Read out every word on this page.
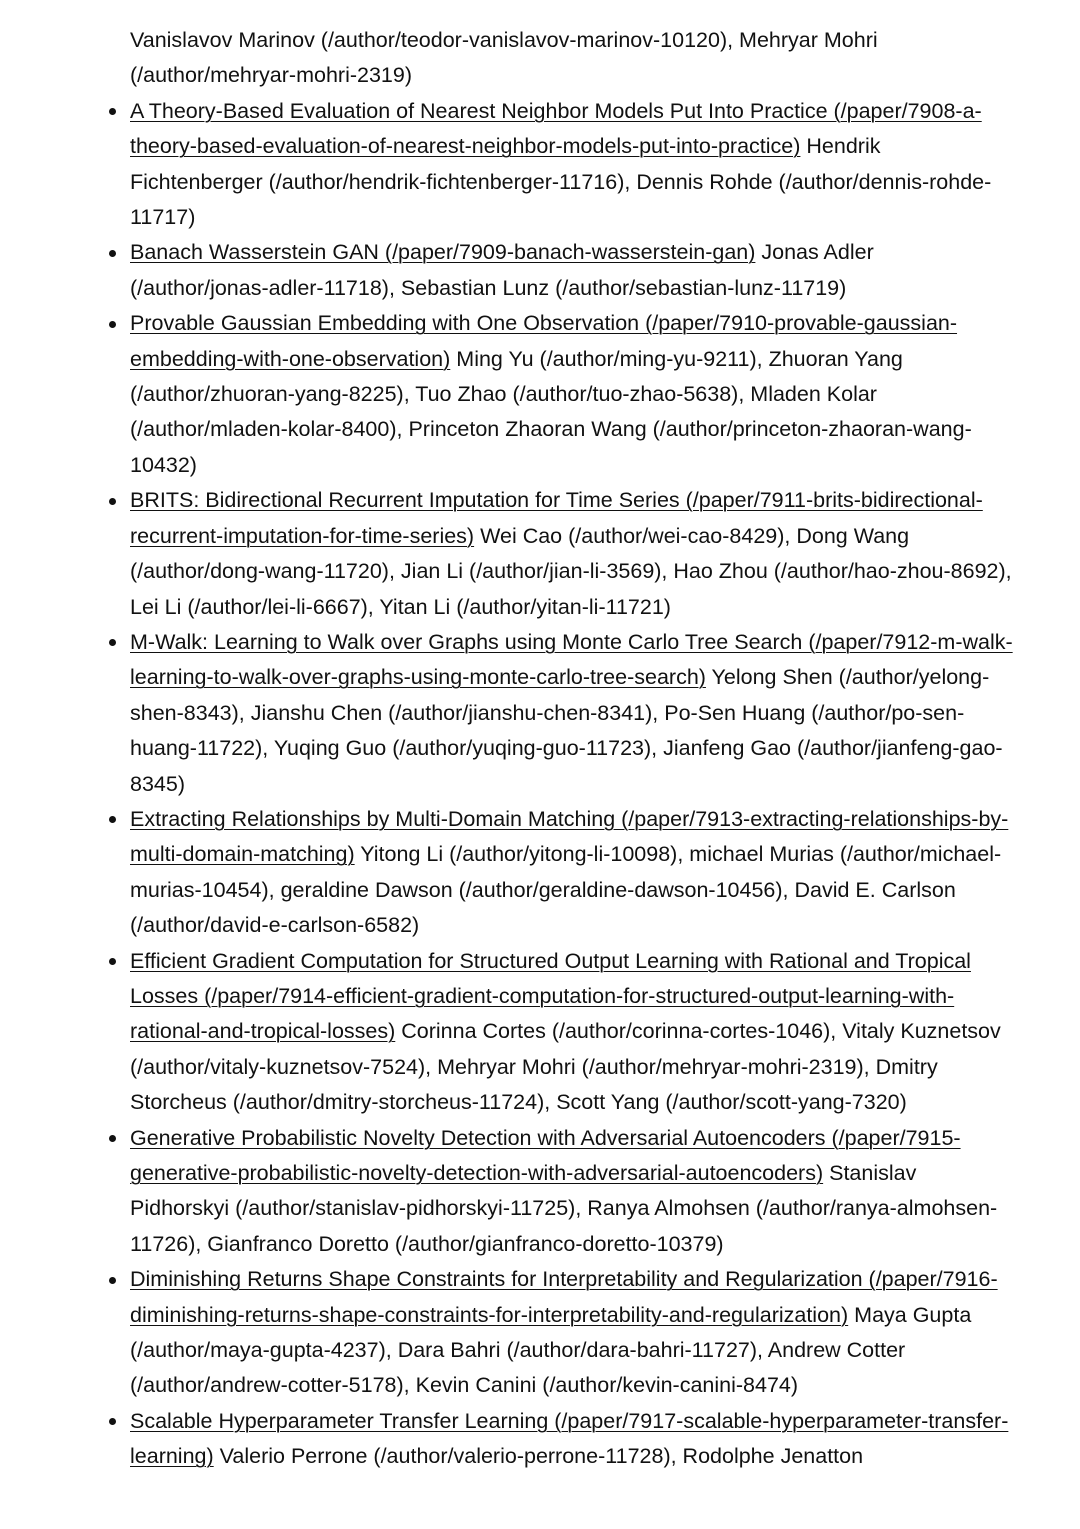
Vanislavov Marinov (/author/teodor-vanislavov-marinov-10120), Mehryar Mohri (/author/mehryar-mohri-2319)

A Theory-Based Evaluation of Nearest Neighbor Models Put Into Practice (/paper/7908-a-theory-based-evaluation-of-nearest-neighbor-models-put-into-practice) Hendrik Fichtenberger (/author/hendrik-fichtenberger-11716), Dennis Rohde (/author/dennis-rohde-11717)
Banach Wasserstein GAN (/paper/7909-banach-wasserstein-gan) Jonas Adler (/author/jonas-adler-11718), Sebastian Lunz (/author/sebastian-lunz-11719)
Provable Gaussian Embedding with One Observation (/paper/7910-provable-gaussian-embedding-with-one-observation) Ming Yu (/author/ming-yu-9211), Zhuoran Yang (/author/zhuoran-yang-8225), Tuo Zhao (/author/tuo-zhao-5638), Mladen Kolar (/author/mladen-kolar-8400), Princeton Zhaoran Wang (/author/princeton-zhaoran-wang-10432)
BRITS: Bidirectional Recurrent Imputation for Time Series (/paper/7911-brits-bidirectional-recurrent-imputation-for-time-series) Wei Cao (/author/wei-cao-8429), Dong Wang (/author/dong-wang-11720), Jian Li (/author/jian-li-3569), Hao Zhou (/author/hao-zhou-8692), Lei Li (/author/lei-li-6667), Yitan Li (/author/yitan-li-11721)
M-Walk: Learning to Walk over Graphs using Monte Carlo Tree Search (/paper/7912-m-walk-learning-to-walk-over-graphs-using-monte-carlo-tree-search) Yelong Shen (/author/yelong-shen-8343), Jianshu Chen (/author/jianshu-chen-8341), Po-Sen Huang (/author/po-sen-huang-11722), Yuqing Guo (/author/yuqing-guo-11723), Jianfeng Gao (/author/jianfeng-gao-8345)
Extracting Relationships by Multi-Domain Matching (/paper/7913-extracting-relationships-by-multi-domain-matching) Yitong Li (/author/yitong-li-10098), michael Murias (/author/michael-murias-10454), geraldine Dawson (/author/geraldine-dawson-10456), David E. Carlson (/author/david-e-carlson-6582)
Efficient Gradient Computation for Structured Output Learning with Rational and Tropical Losses (/paper/7914-efficient-gradient-computation-for-structured-output-learning-with-rational-and-tropical-losses) Corinna Cortes (/author/corinna-cortes-1046), Vitaly Kuznetsov (/author/vitaly-kuznetsov-7524), Mehryar Mohri (/author/mehryar-mohri-2319), Dmitry Storcheus (/author/dmitry-storcheus-11724), Scott Yang (/author/scott-yang-7320)
Generative Probabilistic Novelty Detection with Adversarial Autoencoders (/paper/7915-generative-probabilistic-novelty-detection-with-adversarial-autoencoders) Stanislav Pidhorskyi (/author/stanislav-pidhorskyi-11725), Ranya Almohsen (/author/ranya-almohsen-11726), Gianfranco Doretto (/author/gianfranco-doretto-10379)
Diminishing Returns Shape Constraints for Interpretability and Regularization (/paper/7916-diminishing-returns-shape-constraints-for-interpretability-and-regularization) Maya Gupta (/author/maya-gupta-4237), Dara Bahri (/author/dara-bahri-11727), Andrew Cotter (/author/andrew-cotter-5178), Kevin Canini (/author/kevin-canini-8474)
Scalable Hyperparameter Transfer Learning (/paper/7917-scalable-hyperparameter-transfer-learning) Valerio Perrone (/author/valerio-perrone-11728), Rodolphe Jenatton
